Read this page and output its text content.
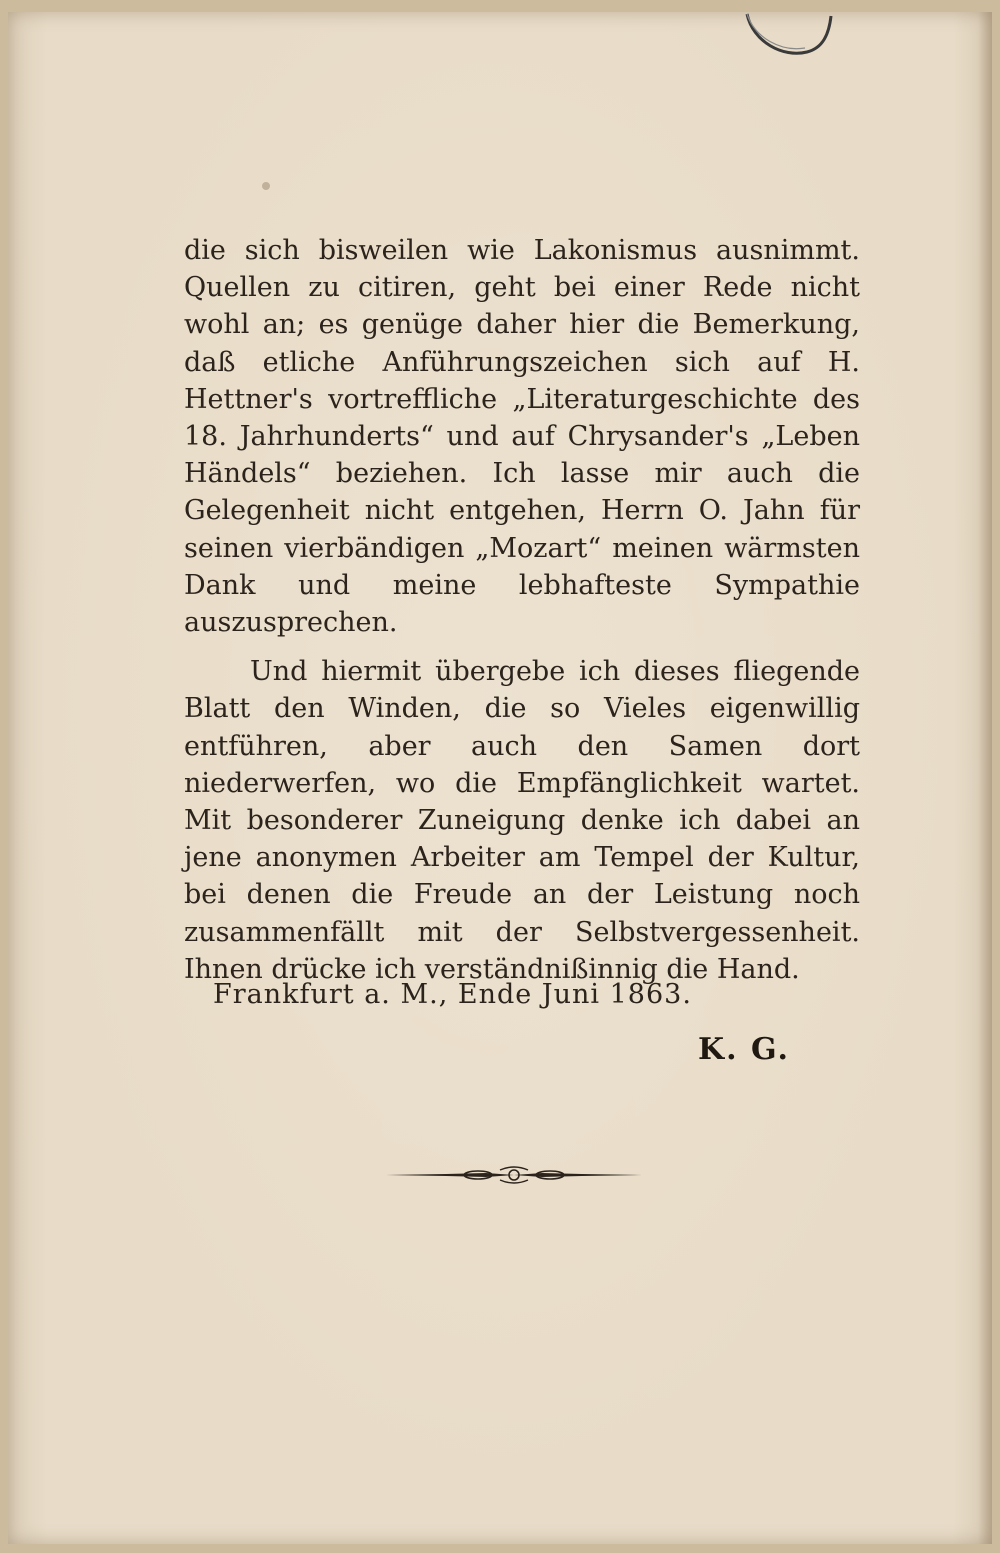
die sich bisweilen wie Lakonismus ausnimmt. Quellen zu citiren, geht bei einer Rede nicht wohl an; es genüge daher hier die Bemerkung, daß etliche Anführungszeichen sich auf H. Hettner's vortreffliche „Literaturgeschichte des 18. Jahrhunderts“ und auf Chrysander's „Leben Händels“ beziehen. Ich lasse mir auch die Gelegenheit nicht entgehen, Herrn O. Jahn für seinen vierbändigen „Mozart“ meinen wärmsten Dank und meine lebhafteste Sympathie auszusprechen.

Und hiermit übergebe ich dieses fliegende Blatt den Winden, die so Vieles eigenwillig entführen, aber auch den Samen dort niederwerfen, wo die Empfänglichkeit wartet. Mit besonderer Zuneigung denke ich dabei an jene anonymen Arbeiter am Tempel der Kultur, bei denen die Freude an der Leistung noch zusammenfällt mit der Selbstvergessenheit. Ihnen drücke ich verständnißinnig die Hand.

Frankfurt a. M., Ende Juni 1863.
K. G.
